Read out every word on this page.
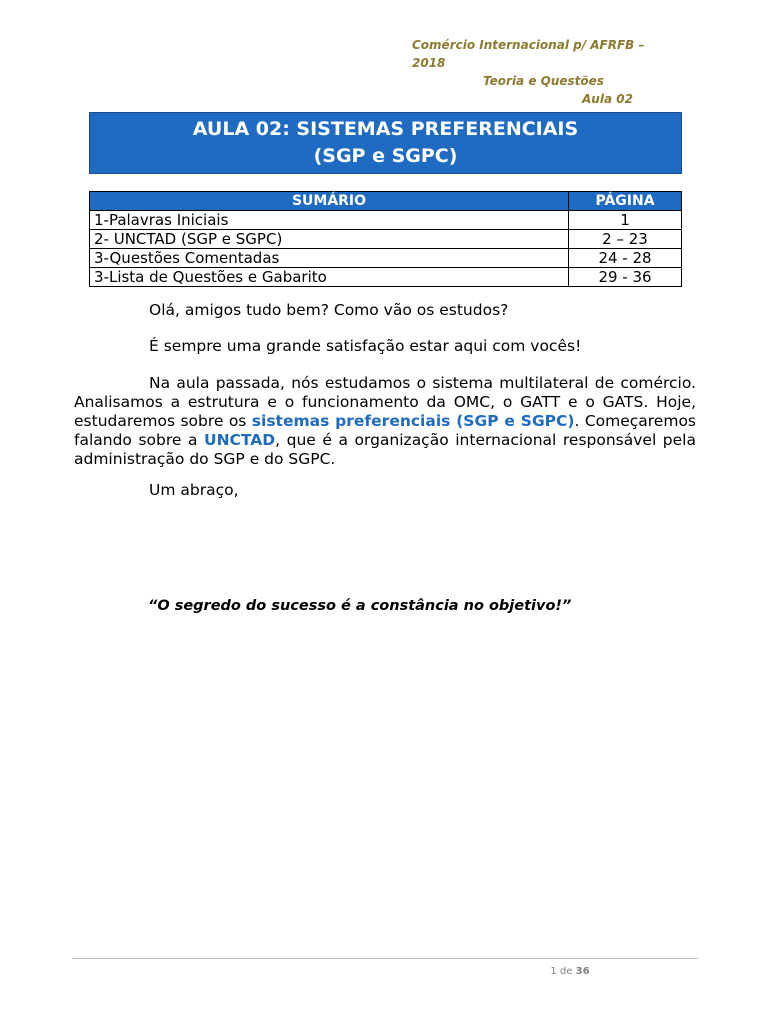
Comércio Internacional p/ AFRFB – 2018
Teoria e Questões
Aula 02
AULA 02: SISTEMAS PREFERENCIAIS
(SGP e SGPC)
SUMÁRIO	PÁGINA
1-Palavras Iniciais	1
2- UNCTAD (SGP e SGPC)	2 – 23
3-Questões Comentadas	24 - 28
3-Lista de Questões e Gabarito	29 - 36

Olá, amigos tudo bem? Como vão os estudos?

É sempre uma grande satisfação estar aqui com vocês!

Na aula passada, nós estudamos o sistema multilateral de comércio. Analisamos a estrutura e o funcionamento da OMC, o GATT e o GATS. Hoje, estudaremos sobre os sistemas preferenciais (SGP e SGPC). Começaremos falando sobre a UNCTAD, que é a organização internacional responsável pela administração do SGP e do SGPC.

Um abraço,

“O segredo do sucesso é a constância no objetivo!”
1 de 36
